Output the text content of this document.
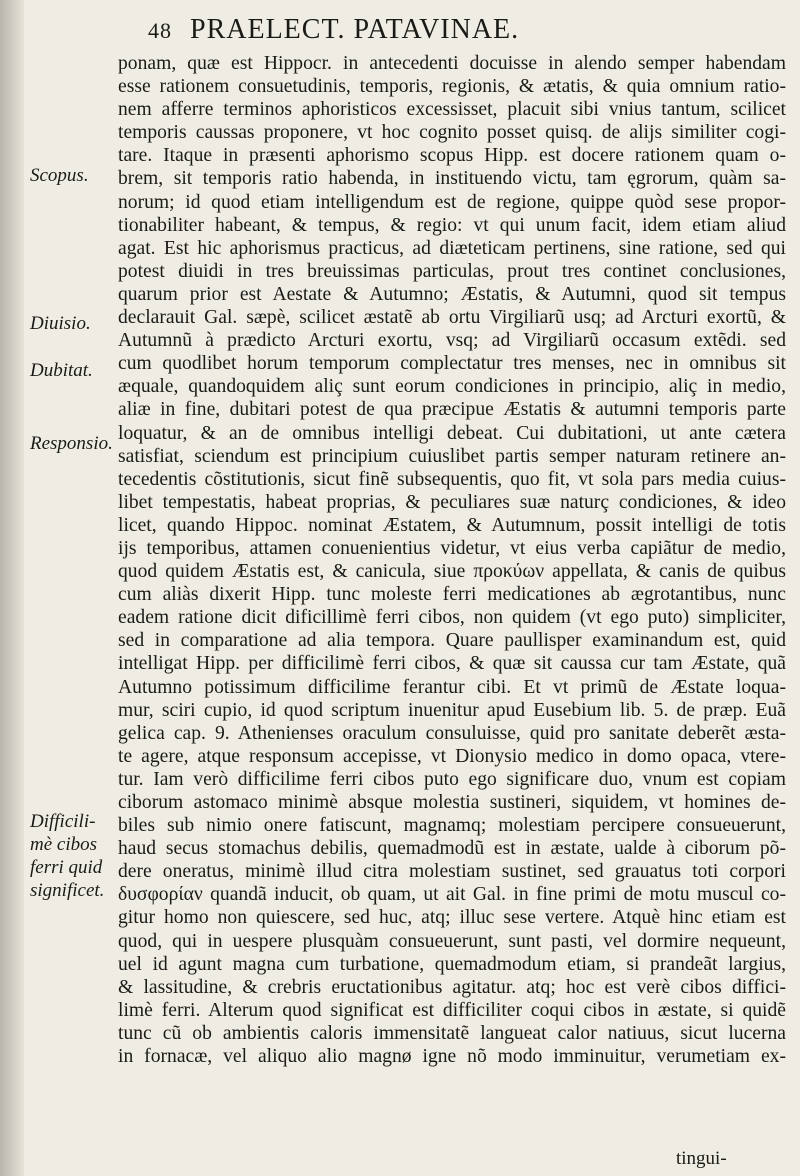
48 PRAELECT. PATAVINAE.
Scopus.
Diuisio.
Dubitat.
Responsio.
Difficili-
mè cibos
ferri quid
significet.
ponam, quæ est Hippocr. in antecedenti docuisse in alendo semper habendam
esse rationem consuetudinis, temporis, regionis, & ætatis, & quia omnium ratio-
nem afferre terminos aphoristicos excessisset, placuit sibi vnius tantum, scilicet
temporis caussas proponere, vt hoc cognito posset quisq. de alijs similiter cogi-
tare. Itaque in præsenti aphorismo scopus Hipp. est docere rationem quam o-
brem, sit temporis ratio habenda, in instituendo victu, tam ęgrorum, quàm sa-
norum; id quod etiam intelligendum est de regione, quippe quòd sese propor-
tionabiliter habeant, & tempus, & regio: vt qui unum facit, idem etiam aliud
agat. Est hic aphorismus practicus, ad diæteticam pertinens, sine ratione, sed qui
potest diuidi in tres breuissimas particulas, prout tres continet conclusiones,
quarum prior est Aestate & Autumno; Æstatis, & Autumni, quod sit tempus
declarauit Gal. sæpè, scilicet æstatẽ ab ortu Virgiliarũ usq; ad Arcturi exortũ, &
Autumnũ à prædicto Arcturi exortu, vsq; ad Virgiliarũ occasum extẽdi. sed
cum quodlibet horum temporum complectatur tres menses, nec in omnibus sit
æquale, quandoquidem aliç sunt eorum condiciones in principio, aliç in medio,
aliæ in fine, dubitari potest de qua præcipue Æstatis & autumni temporis parte
loquatur, & an de omnibus intelligi debeat. Cui dubitationi, ut ante cætera
satisfiat, sciendum est principium cuiuslibet partis semper naturam retinere an-
tecedentis cõstitutionis, sicut finẽ subsequentis, quo fit, vt sola pars media cuius-
libet tempestatis, habeat proprias, & peculiares suæ naturç condiciones, & ideo
licet, quando Hippoc. nominat Æstatem, & Autumnum, possit intelligi de totis
ijs temporibus, attamen conuenientius videtur, vt eius verba capiãtur de medio,
quod quidem Æstatis est, & canicula, siue προκύων appellata, & canis de quibus
cum aliàs dixerit Hipp. tunc moleste ferri medicationes ab ægrotantibus, nunc
eadem ratione dicit dificillimè ferri cibos, non quidem (vt ego puto) simpliciter,
sed in comparatione ad alia tempora. Quare paullisper examinandum est, quid
intelligat Hipp. per difficilimè ferri cibos, & quæ sit caussa cur tam Æstate, quã
Autumno potissimum difficilime ferantur cibi. Et vt primũ de Æstate loqua-
mur, sciri cupio, id quod scriptum inuenitur apud Eusebium lib. 5. de præp. Euã
gelica cap. 9. Athenienses oraculum consuluisse, quid pro sanitate deberẽt æsta-
te agere, atque responsum accepisse, vt Dionysio medico in domo opaca, vtere-
tur. Iam verò difficilime ferri cibos puto ego significare duo, vnum est copiam
ciborum astomaco minimè absque molestia sustineri, siquidem, vt homines de-
biles sub nimio onere fatiscunt, magnamq; molestiam percipere consueuerunt,
haud secus stomachus debilis, quemadmodũ est in æstate, ualde à ciborum põ-
dere oneratus, minimè illud citra molestiam sustinet, sed grauatus toti corpori
δυσφορίαν quandã inducit, ob quam, ut ait Gal. in fine primi de motu muscul co-
gitur homo non quiescere, sed huc, atq; illuc sese vertere. Atquè hinc etiam est
quod, qui in uespere plusquàm consueuerunt, sunt pasti, vel dormire nequeunt,
uel id agunt magna cum turbatione, quemadmodum etiam, si prandeãt largius,
& lassitudine, & crebris eructationibus agitatur. atq; hoc est verè cibos diffici-
limè ferri. Alterum quod significat est difficiliter coqui cibos in æstate, si quidẽ
tunc cũ ob ambientis caloris immensitatẽ langueat calor natiuus, sicut lucerna
in fornacæ, vel aliquo alio magnø igne nõ modo imminuitur, verumetiam ex-
tingui-
